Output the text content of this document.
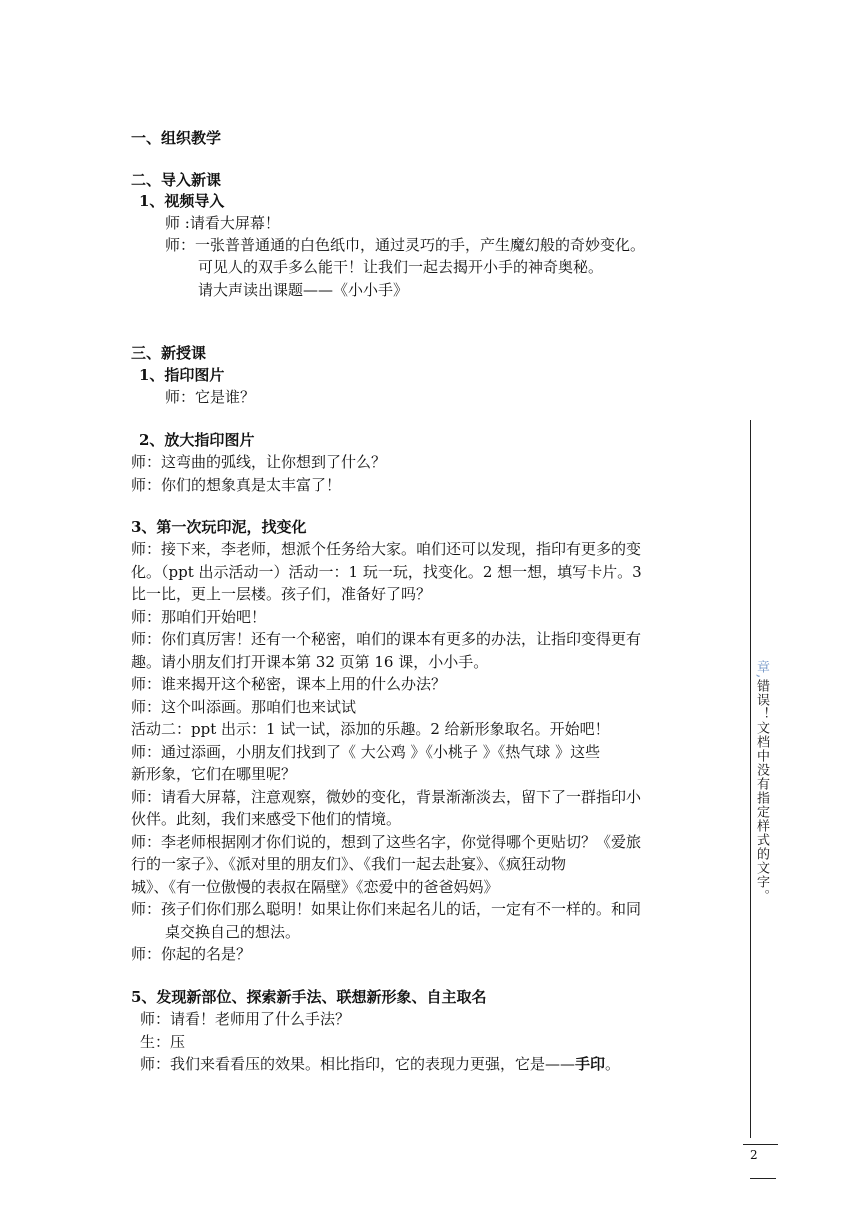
一、组织教学
二、导入新课
1、视频导入
师 :请看大屏幕！
师：一张普普通通的白色纸巾，通过灵巧的手，产生魔幻般的奇妙变化。
可见人的双手多么能干！让我们一起去揭开小手的神奇奥秘。
请大声读出课题——《小小手》
三、新授课
1、指印图片
师：它是谁？
2、放大指印图片
师：这弯曲的弧线，让你想到了什么？
师：你们的想象真是太丰富了！
3、第一次玩印泥，找变化
师：接下来，李老师，想派个任务给大家。咱们还可以发现，指印有更多的变
化。（ppt 出示活动一）活动一：1 玩一玩，找变化。2 想一想，填写卡片。3
比一比，更上一层楼。孩子们，准备好了吗？
师：那咱们开始吧！
师：你们真厉害！还有一个秘密，咱们的课本有更多的办法，让指印变得更有
趣。请小朋友们打开课本第 32 页第 16 课，小小手。
师：谁来揭开这个秘密，课本上用的什么办法？
师：这个叫添画。那咱们也来试试
活动二：ppt 出示：1 试一试，添加的乐趣。2 给新形象取名。开始吧！
师：通过添画，小朋友们找到了《 大公鸡 》《小桃子 》《热气球 》这些
新形象，它们在哪里呢？
师：请看大屏幕，注意观察，微妙的变化，背景渐渐淡去，留下了一群指印小
伙伴。此刻，我们来感受下他们的情境。
师：李老师根据刚才你们说的，想到了这些名字，你觉得哪个更贴切？《爱旅
行的一家子》、《派对里的朋友们》、《我们一起去赴宴》、《疯狂动物
城》、《有一位傲慢的表叔在隔壁》《恋爱中的爸爸妈妈》
师：孩子们你们那么聪明！如果让你们来起名儿的话，一定有不一样的。和同
桌交换自己的想法。
师：你起的名是？
5、发现新部位、探索新手法、联想新形象、自主取名
师：请看！老师用了什么手法？
生：压
师：我们来看看压的效果。相比指印，它的表现力更强，它是——手印。
章,错误！文档中没有指定样式的文字。
2
